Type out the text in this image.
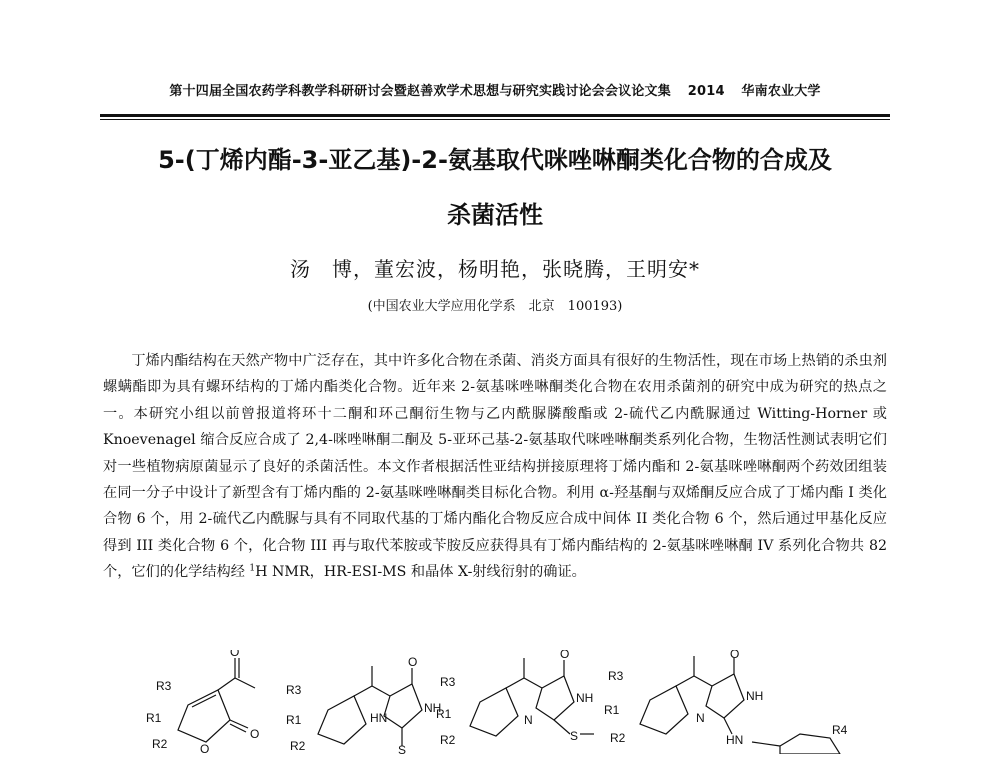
第十四届全国农药学科教学科研研讨会暨赵善欢学术思想与研究实践讨论会会议论文集 2014 华南农业大学
5-(丁烯内酯-3-亚乙基)-2-氨基取代咪唑啉酮类化合物的合成及
杀菌活性
汤　博，董宏波，杨明艳，张晓腾，王明安*
(中国农业大学应用化学系　北京　100193)

丁烯内酯结构在天然产物中广泛存在，其中许多化合物在杀菌、消炎方面具有很好的生物活性，现在市场上热销的杀虫剂螺螨酯即为具有螺环结构的丁烯内酯类化合物。近年来 2-氨基咪唑啉酮类化合物在农用杀菌剂的研究中成为研究的热点之一。本研究小组以前曾报道将环十二酮和环己酮衍生物与乙内酰脲膦酸酯或 2-硫代乙内酰脲通过 Witting-Horner 或 Knoevenagel 缩合反应合成了 2,4-咪唑啉酮二酮及 5-亚环己基-2-氨基取代咪唑啉酮类系列化合物，生物活性测试表明它们对一些植物病原菌显示了良好的杀菌活性。本文作者根据活性亚结构拼接原理将丁烯内酯和 2-氨基咪唑啉酮两个药效团组装在同一分子中设计了新型含有丁烯内酯的 2-氨基咪唑啉酮类目标化合物。利用 α-羟基酮与双烯酮反应合成了丁烯内酯 I 类化合物 6 个，用 2-硫代乙内酰脲与具有不同取代基的丁烯内酯化合物反应合成中间体 II 类化合物 6 个，然后通过甲基化反应得到 III 类化合物 6 个，化合物 III 再与取代苯胺或苄胺反应获得具有丁烯内酯结构的 2-氨基咪唑啉酮 IV 系列化合物共 82 个，它们的化学结构经 $^1$H NMR，HR-ESI-MS 和晶体 X-射线衍射的确证。

R3
R1
R2
O
O
O
R3
R1
R2
O
NH
HN
S
R3
R1
R2
O
NH
N
S
R3
R1
R2
O
NH
N
HN
R4
